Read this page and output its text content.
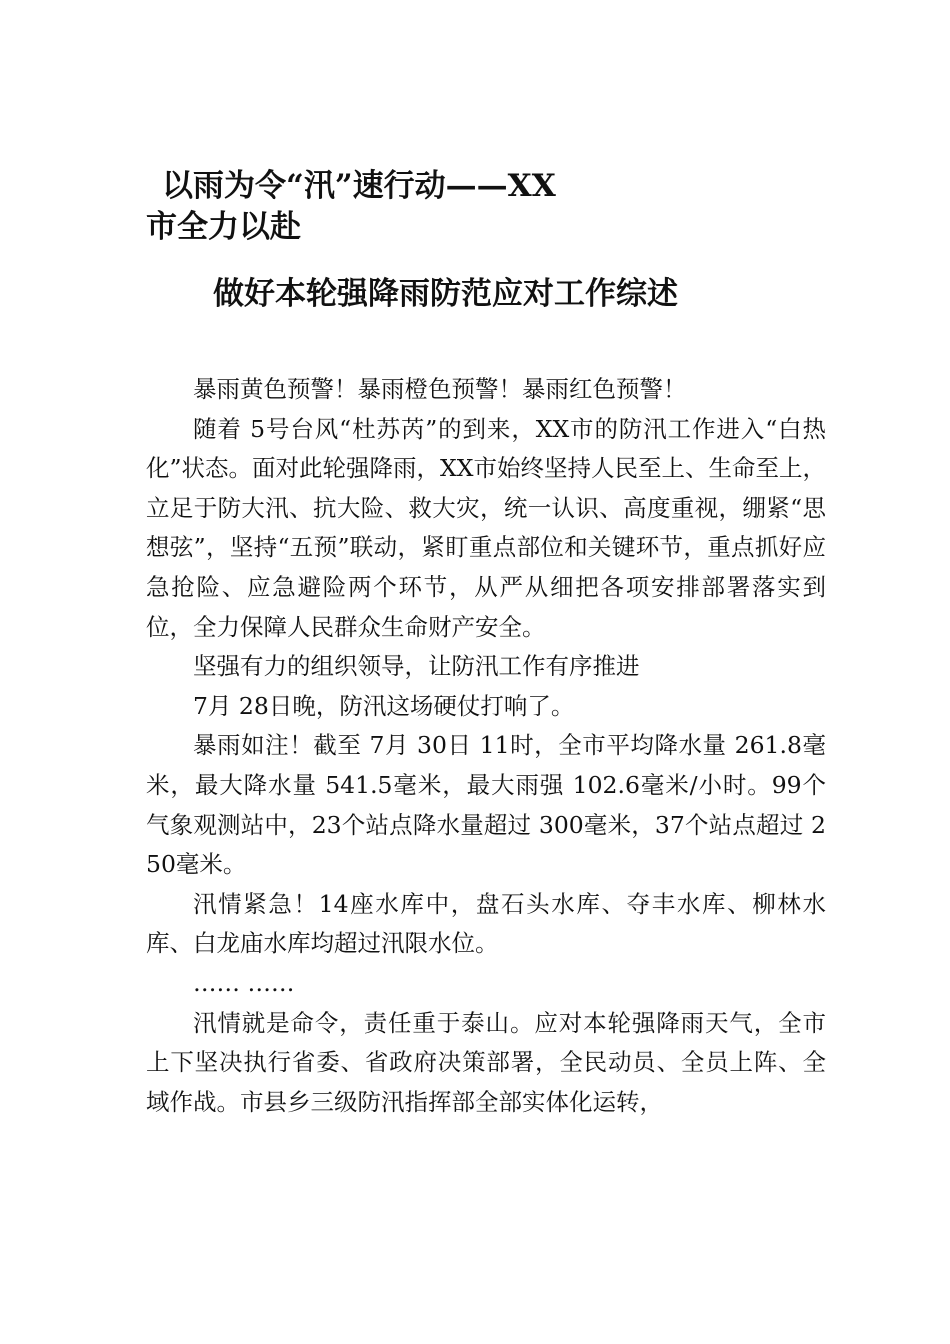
以雨为令“汛”速行动——XX
市全力以赴
做好本轮强降雨防范应对工作综述

暴雨黄色预警！暴雨橙色预警！暴雨红色预警！

随着 5号台风“杜苏芮”的到来，XX市的防汛工作进入“白热化”状态。面对此轮强降雨，XX市始终坚持人民至上、生命至上，立足于防大汛、抗大险、救大灾，统一认识、高度重视，绷紧“思想弦”，坚持“五预”联动，紧盯重点部位和关键环节，重点抓好应急抢险、应急避险两个环节，从严从细把各项安排部署落实到位，全力保障人民群众生命财产安全。

坚强有力的组织领导，让防汛工作有序推进

7月 28日晚，防汛这场硬仗打响了。

暴雨如注！截至 7月 30日 11时，全市平均降水量 261.8毫米，最大降水量 541.5毫米，最大雨强 102.6毫米/小时。99个气象观测站中，23个站点降水量超过 300毫米，37个站点超过 250毫米。

汛情紧急！14座水库中，盘石头水库、夺丰水库、柳林水库、白龙庙水库均超过汛限水位。

…… ……

汛情就是命令，责任重于泰山。应对本轮强降雨天气，全市上下坚决执行省委、省政府决策部署，全民动员、全员上阵、全域作战。市县乡三级防汛指挥部全部实体化运转，
